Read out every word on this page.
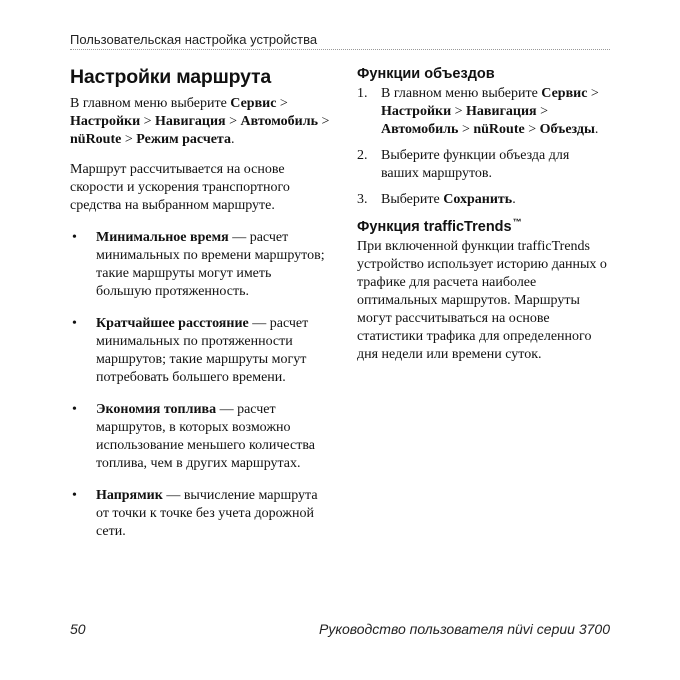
Пользовательская настройка устройства
Настройки маршрута

В главном меню выберите Сервис > Настройки > Навигация > Автомобиль > nüRoute > Режим расчета.

Маршрут рассчитывается на основе скорости и ускорения транспортного средства на выбранном маршруте.

• Минимальное время — расчет минимальных по времени маршрутов; такие маршруты могут иметь большую протяженность.
• Кратчайшее расстояние — расчет минимальных по протяженности маршрутов; такие маршруты могут потребовать большего времени.
• Экономия топлива — расчет маршрутов, в которых возможно использование меньшего количества топлива, чем в других маршрутах.
• Напрямик — вычисление маршрута от точки к точке без учета дорожной сети.
Функции объездов
1. В главном меню выберите Сервис > Настройки > Навигация > Автомобиль > nüRoute > Объезды.
2. Выберите функции объезда для ваших маршрутов.
3. Выберите Сохранить.
Функция trafficTrends™

При включенной функции trafficTrends устройство использует историю данных о трафике для расчета наиболее оптимальных маршрутов. Маршруты могут рассчитываться на основе статистики трафика для определенного дня недели или времени суток.

50	Руководство пользователя nüvi серии 3700
